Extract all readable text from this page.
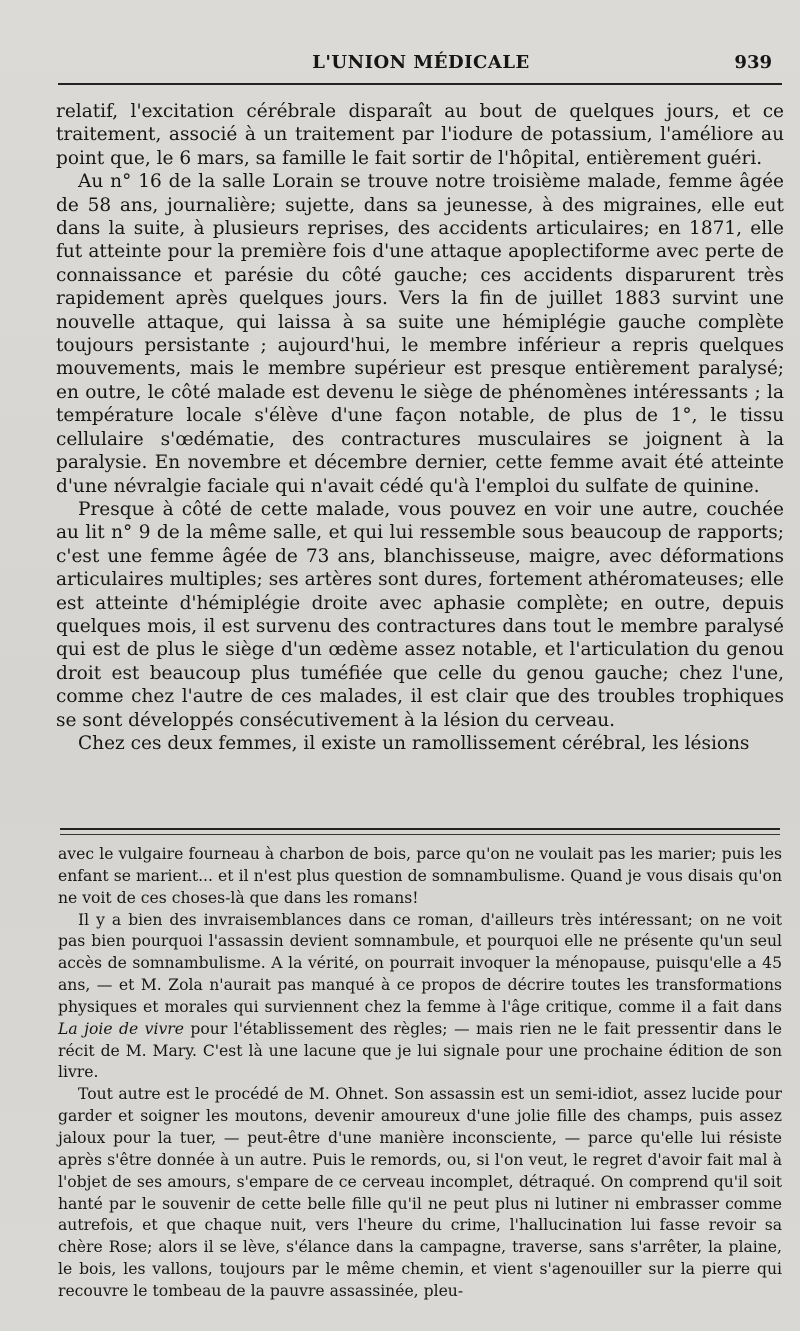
L'UNION MÉDICALE	939

relatif, l'excitation cérébrale disparaît au bout de quelques jours, et ce traitement, associé à un traitement par l'iodure de potassium, l'améliore au point que, le 6 mars, sa famille le fait sortir de l'hôpital, entièrement guéri.

Au n° 16 de la salle Lorain se trouve notre troisième malade, femme âgée de 58 ans, journalière; sujette, dans sa jeunesse, à des migraines, elle eut dans la suite, à plusieurs reprises, des accidents articulaires; en 1871, elle fut atteinte pour la première fois d'une attaque apoplectiforme avec perte de connaissance et parésie du côté gauche; ces accidents disparurent très rapidement après quelques jours. Vers la fin de juillet 1883 survint une nouvelle attaque, qui laissa à sa suite une hémiplégie gauche complète toujours persistante ; aujourd'hui, le membre inférieur a repris quelques mouvements, mais le membre supérieur est presque entièrement paralysé; en outre, le côté malade est devenu le siège de phénomènes intéressants ; la température locale s'élève d'une façon notable, de plus de 1°, le tissu cellulaire s'œdématie, des contractures musculaires se joignent à la paralysie. En novembre et décembre dernier, cette femme avait été atteinte d'une névralgie faciale qui n'avait cédé qu'à l'emploi du sulfate de quinine.

Presque à côté de cette malade, vous pouvez en voir une autre, couchée au lit n° 9 de la même salle, et qui lui ressemble sous beaucoup de rapports; c'est une femme âgée de 73 ans, blanchisseuse, maigre, avec déformations articulaires multiples; ses artères sont dures, fortement athéromateuses; elle est atteinte d'hémiplégie droite avec aphasie complète; en outre, depuis quelques mois, il est survenu des contractures dans tout le membre paralysé qui est de plus le siège d'un œdème assez notable, et l'articulation du genou droit est beaucoup plus tuméfiée que celle du genou gauche; chez l'une, comme chez l'autre de ces malades, il est clair que des troubles trophiques se sont développés consécutivement à la lésion du cerveau.

Chez ces deux femmes, il existe un ramollissement cérébral, les lésions

avec le vulgaire fourneau à charbon de bois, parce qu'on ne voulait pas les marier; puis les enfant se marient... et il n'est plus question de somnambulisme. Quand je vous disais qu'on ne voit de ces choses-là que dans les romans!

Il y a bien des invraisemblances dans ce roman, d'ailleurs très intéressant; on ne voit pas bien pourquoi l'assassin devient somnambule, et pourquoi elle ne présente qu'un seul accès de somnambulisme. A la vérité, on pourrait invoquer la ménopause, puisqu'elle a 45 ans, — et M. Zola n'aurait pas manqué à ce propos de décrire toutes les transformations physiques et morales qui surviennent chez la femme à l'âge critique, comme il a fait dans La joie de vivre pour l'établissement des règles; — mais rien ne le fait pressentir dans le récit de M. Mary. C'est là une lacune que je lui signale pour une prochaine édition de son livre.

Tout autre est le procédé de M. Ohnet. Son assassin est un semi-idiot, assez lucide pour garder et soigner les moutons, devenir amoureux d'une jolie fille des champs, puis assez jaloux pour la tuer, — peut-être d'une manière inconsciente, — parce qu'elle lui résiste après s'être donnée à un autre. Puis le remords, ou, si l'on veut, le regret d'avoir fait mal à l'objet de ses amours, s'empare de ce cerveau incomplet, détraqué. On comprend qu'il soit hanté par le souvenir de cette belle fille qu'il ne peut plus ni lutiner ni embrasser comme autrefois, et que chaque nuit, vers l'heure du crime, l'hallucination lui fasse revoir sa chère Rose; alors il se lève, s'élance dans la campagne, traverse, sans s'arrêter, la plaine, le bois, les vallons, toujours par le même chemin, et vient s'agenouiller sur la pierre qui recouvre le tombeau de la pauvre assassinée, pleu-
